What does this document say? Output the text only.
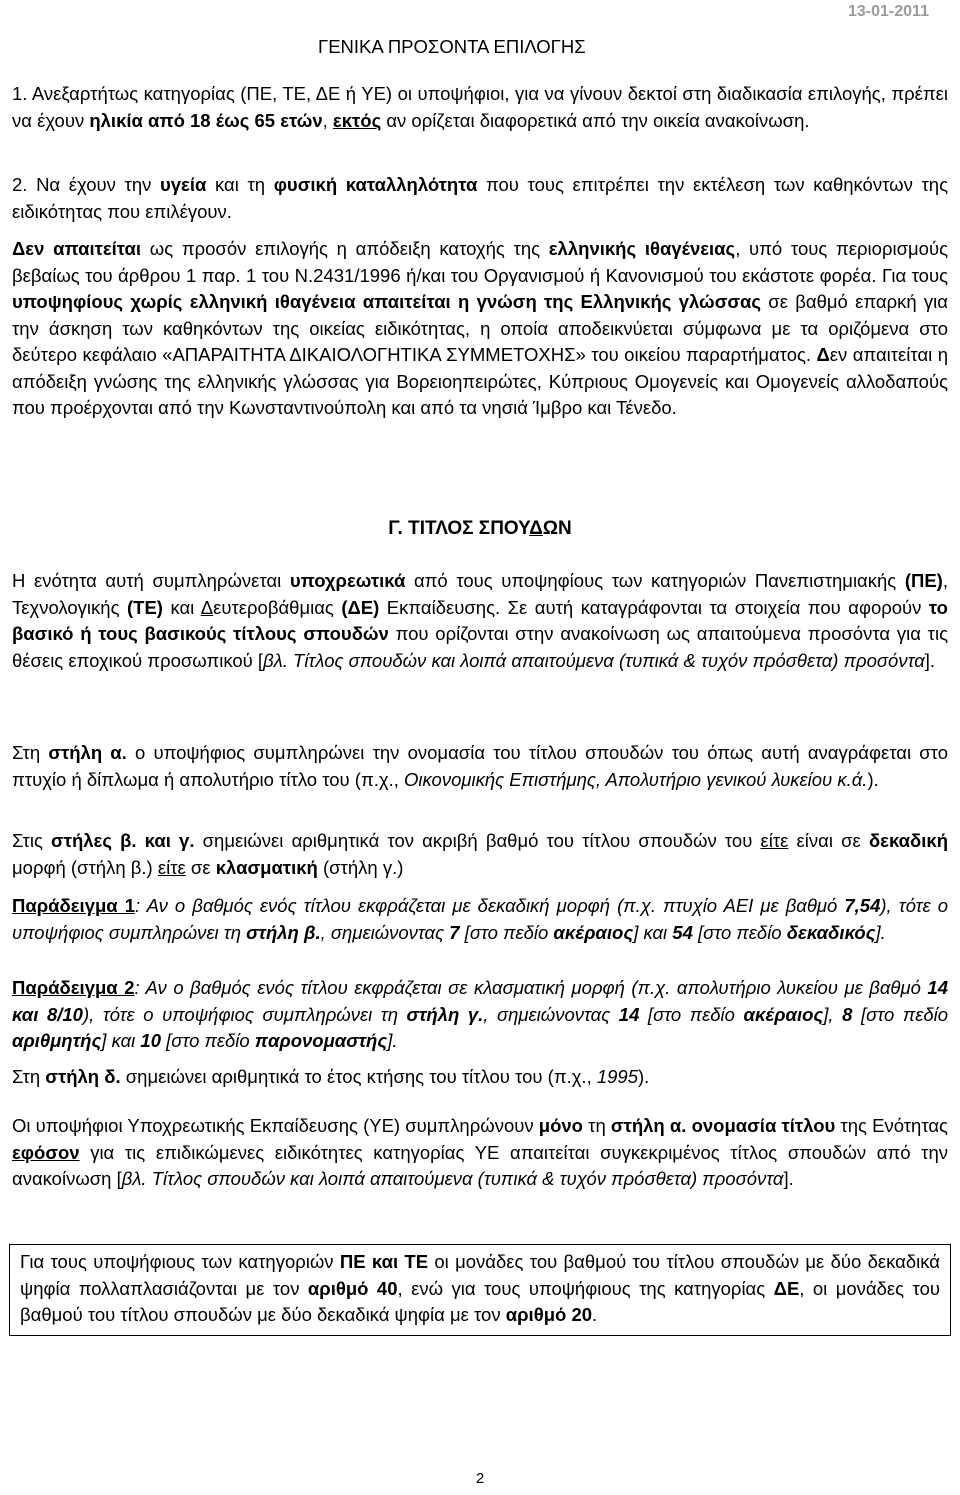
13-01-2011
ΓΕΝΙΚΑ ΠΡΟΣΟΝΤΑ ΕΠΙΛΟΓΗΣ
1. Ανεξαρτήτως κατηγορίας (ΠΕ, ΤΕ, ΔΕ ή ΥΕ) οι υποψήφιοι, για να γίνουν δεκτοί στη διαδικασία επιλογής, πρέπει να έχουν ηλικία από 18 έως 65 ετών, εκτός αν ορίζεται διαφορετικά από την οικεία ανακοίνωση.
2. Να έχουν την υγεία και τη φυσική καταλληλότητα που τους επιτρέπει την εκτέλεση των καθηκόντων της ειδικότητας που επιλέγουν.
Δεν απαιτείται ως προσόν επιλογής η απόδειξη κατοχής της ελληνικής ιθαγένειας, υπό τους περιορισμούς βεβαίως του άρθρου 1 παρ. 1 του Ν.2431/1996 ή/και του Οργανισμού ή Κανονισμού του εκάστοτε φορέα. Για τους υποψηφίους χωρίς ελληνική ιθαγένεια απαιτείται η γνώση της Ελληνικής γλώσσας σε βαθμό επαρκή για την άσκηση των καθηκόντων της οικείας ειδικότητας, η οποία αποδεικνύεται σύμφωνα με τα οριζόμενα στο δεύτερο κεφάλαιο «ΑΠΑΡΑΙΤΗΤΑ ΔΙΚΑΙΟΛΟΓΗΤΙΚΑ ΣΥΜΜΕΤΟΧΗΣ» του οικείου παραρτήματος. Δεν απαιτείται η απόδειξη γνώσης της ελληνικής γλώσσας για Βορειοηπειρώτες, Κύπριους Ομογενείς και Ομογενείς αλλοδαπούς που προέρχονται από την Κωνσταντινούπολη και από τα νησιά Ίμβρο και Τένεδο.
Γ. ΤΙΤΛΟΣ ΣΠΟΥΔΩΝ
Η ενότητα αυτή συμπληρώνεται υποχρεωτικά από τους υποψηφίους των κατηγοριών Πανεπιστημιακής (ΠΕ), Τεχνολογικής (ΤΕ) και Δευτεροβάθμιας (ΔΕ) Εκπαίδευσης. Σε αυτή καταγράφονται τα στοιχεία που αφορούν το βασικό ή τους βασικούς τίτλους σπουδών που ορίζονται στην ανακοίνωση ως απαιτούμενα προσόντα για τις θέσεις εποχικού προσωπικού [βλ. Τίτλος σπουδών και λοιπά απαιτούμενα (τυπικά & τυχόν πρόσθετα) προσόντα].
Στη στήλη α. ο υποψήφιος συμπληρώνει την ονομασία του τίτλου σπουδών του όπως αυτή αναγράφεται στο πτυχίο ή δίπλωμα ή απολυτήριο τίτλο του (π.χ., Οικονομικής Επιστήμης, Απολυτήριο γενικού λυκείου κ.ά.).
Στις στήλες β. και γ. σημειώνει αριθμητικά τον ακριβή βαθμό του τίτλου σπουδών του είτε είναι σε δεκαδική μορφή (στήλη β.) είτε σε κλασματική (στήλη γ.)
Παράδειγμα 1: Αν ο βαθμός ενός τίτλου εκφράζεται με δεκαδική μορφή (π.χ. πτυχίο ΑΕΙ με βαθμό 7,54), τότε ο υποψήφιος συμπληρώνει τη στήλη β., σημειώνοντας 7 [στο πεδίο ακέραιος] και 54 [στο πεδίο δεκαδικός].
Παράδειγμα 2: Αν ο βαθμός ενός τίτλου εκφράζεται σε κλασματική μορφή (π.χ. απολυτήριο λυκείου με βαθμό 14 και 8/10), τότε ο υποψήφιος συμπληρώνει τη στήλη γ., σημειώνοντας 14 [στο πεδίο ακέραιος], 8 [στο πεδίο αριθμητής] και 10 [στο πεδίο παρονομαστής].
Στη στήλη δ. σημειώνει αριθμητικά το έτος κτήσης του τίτλου του (π.χ., 1995).
Οι υποψήφιοι Υποχρεωτικής Εκπαίδευσης (ΥΕ) συμπληρώνουν μόνο τη στήλη α. ονομασία τίτλου της Ενότητας εφόσον για τις επιδικώμενες ειδικότητες κατηγορίας ΥΕ απαιτείται συγκεκριμένος τίτλος σπουδών από την ανακοίνωση [βλ. Τίτλος σπουδών και λοιπά απαιτούμενα (τυπικά & τυχόν πρόσθετα) προσόντα].
Για τους υποψήφιους των κατηγοριών ΠΕ και ΤΕ οι μονάδες του βαθμού του τίτλου σπουδών με δύο δεκαδικά ψηφία πολλαπλασιάζονται με τον αριθμό 40, ενώ για τους υποψήφιους της κατηγορίας ΔΕ, οι μονάδες του βαθμού του τίτλου σπουδών με δύο δεκαδικά ψηφία με τον αριθμό 20.
2
